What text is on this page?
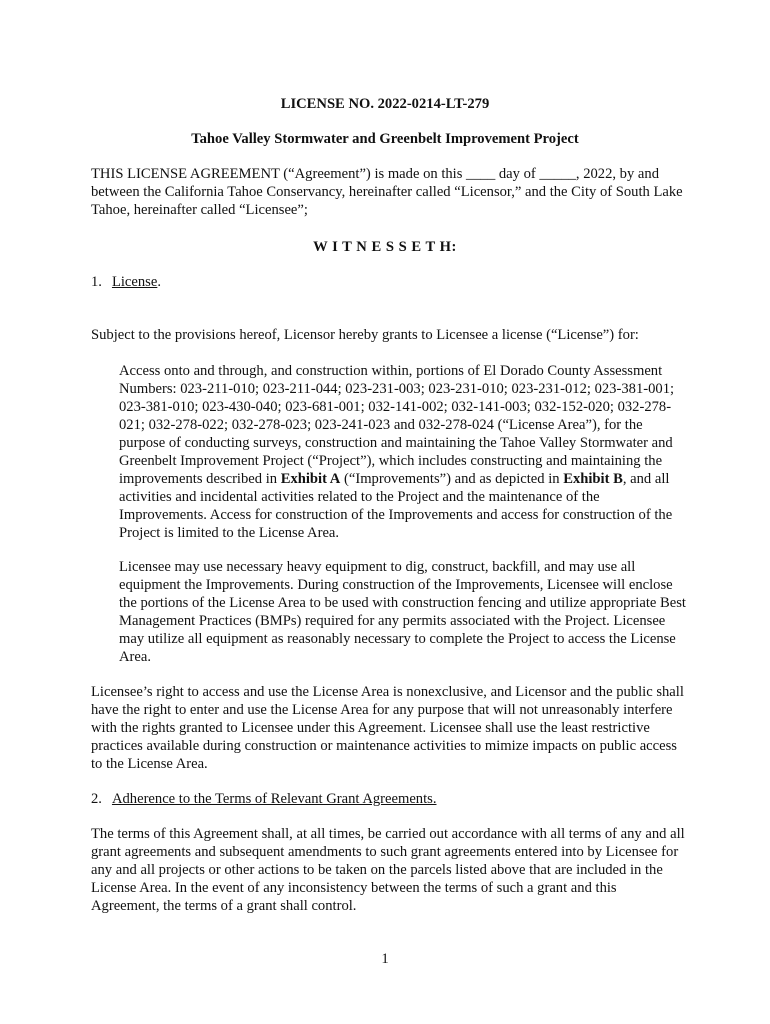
LICENSE NO. 2022-0214-LT-279

Tahoe Valley Stormwater and Greenbelt Improvement Project

THIS LICENSE AGREEMENT (“Agreement”) is made on this ____ day of _____, 2022, by and between the California Tahoe Conservancy, hereinafter called “Licensor,” and the City of South Lake Tahoe, hereinafter called “Licensee”;

W I T N E S S E T H:

1. License.

Subject to the provisions hereof, Licensor hereby grants to Licensee a license (“License”) for:

Access onto and through, and construction within, portions of El Dorado County Assessment Numbers: 023-211-010; 023-211-044; 023-231-003; 023-231-010; 023-231-012; 023-381-001; 023-381-010; 023-430-040; 023-681-001; 032-141-002; 032-141-003; 032-152-020; 032-278-021; 032-278-022; 032-278-023; 023-241-023 and 032-278-024 (“License Area”), for the purpose of conducting surveys, construction and maintaining the Tahoe Valley Stormwater and Greenbelt Improvement Project (“Project”), which includes constructing and maintaining the improvements described in Exhibit A (“Improvements”) and as depicted in Exhibit B, and all activities and incidental activities related to the Project and the maintenance of the Improvements. Access for construction of the Improvements and access for construction of the Project is limited to the License Area.

Licensee may use necessary heavy equipment to dig, construct, backfill, and may use all equipment the Improvements. During construction of the Improvements, Licensee will enclose the portions of the License Area to be used with construction fencing and utilize appropriate Best Management Practices (BMPs) required for any permits associated with the Project. Licensee may utilize all equipment as reasonably necessary to complete the Project to access the License Area.

Licensee’s right to access and use the License Area is nonexclusive, and Licensor and the public shall have the right to enter and use the License Area for any purpose that will not unreasonably interfere with the rights granted to Licensee under this Agreement. Licensee shall use the least restrictive practices available during construction or maintenance activities to mimize impacts on public access to the License Area.

2. Adherence to the Terms of Relevant Grant Agreements.

The terms of this Agreement shall, at all times, be carried out accordance with all terms of any and all grant agreements and subsequent amendments to such grant agreements entered into by Licensee for any and all projects or other actions to be taken on the parcels listed above that are included in the License Area. In the event of any inconsistency between the terms of such a grant and this Agreement, the terms of a grant shall control.

1
